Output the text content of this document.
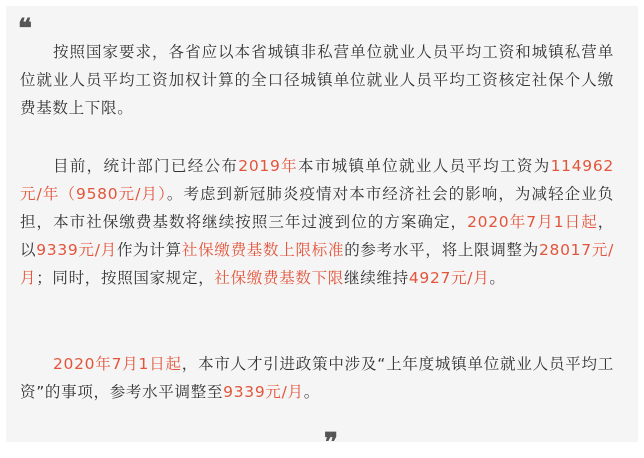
❝

按照国家要求，各省应以本省城镇非私营单位就业人员平均工资和城镇私营单位就业人员平均工资加权计算的全口径城镇单位就业人员平均工资核定社保个人缴费基数上下限。

目前，统计部门已经公布2019年本市城镇单位就业人员平均工资为114962元/年（9580元/月）。考虑到新冠肺炎疫情对本市经济社会的影响，为减轻企业负担，本市社保缴费基数将继续按照三年过渡到位的方案确定，2020年7月1日起，以9339元/月作为计算社保缴费基数上限标准的参考水平，将上限调整为28017元/月；同时，按照国家规定，社保缴费基数下限继续维持4927元/月。

2020年7月1日起，本市人才引进政策中涉及“上年度城镇单位就业人员平均工资”的事项，参考水平调整至9339元/月。

❞
